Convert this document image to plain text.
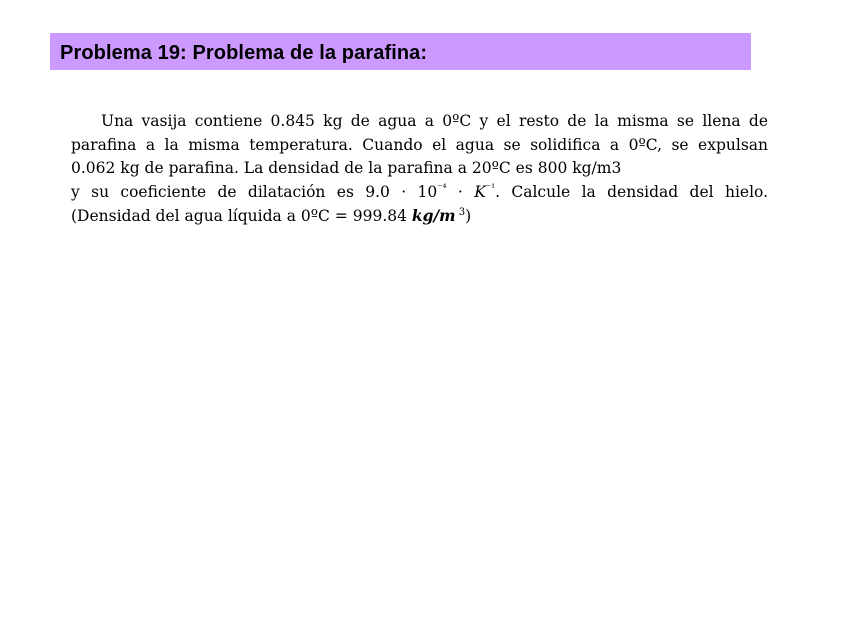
Problema 19: Problema de la parafina:
Una vasija contiene 0.845 kg de agua a 0ºC y el resto de la misma se llena de
parafina a la misma temperatura. Cuando el agua se solidifica a 0ºC, se expulsan
0.062 kg de parafina. La densidad de la parafina a 20ºC es 800 kg/m3
y su coeficiente de dilatación es $9.0 \cdot 10^{^{-4}} \cdot K^{^{-1}}$. Calcule la densidad del hielo.
(Densidad del agua líquida a 0ºC = 999.84 kg/m $^3$)
